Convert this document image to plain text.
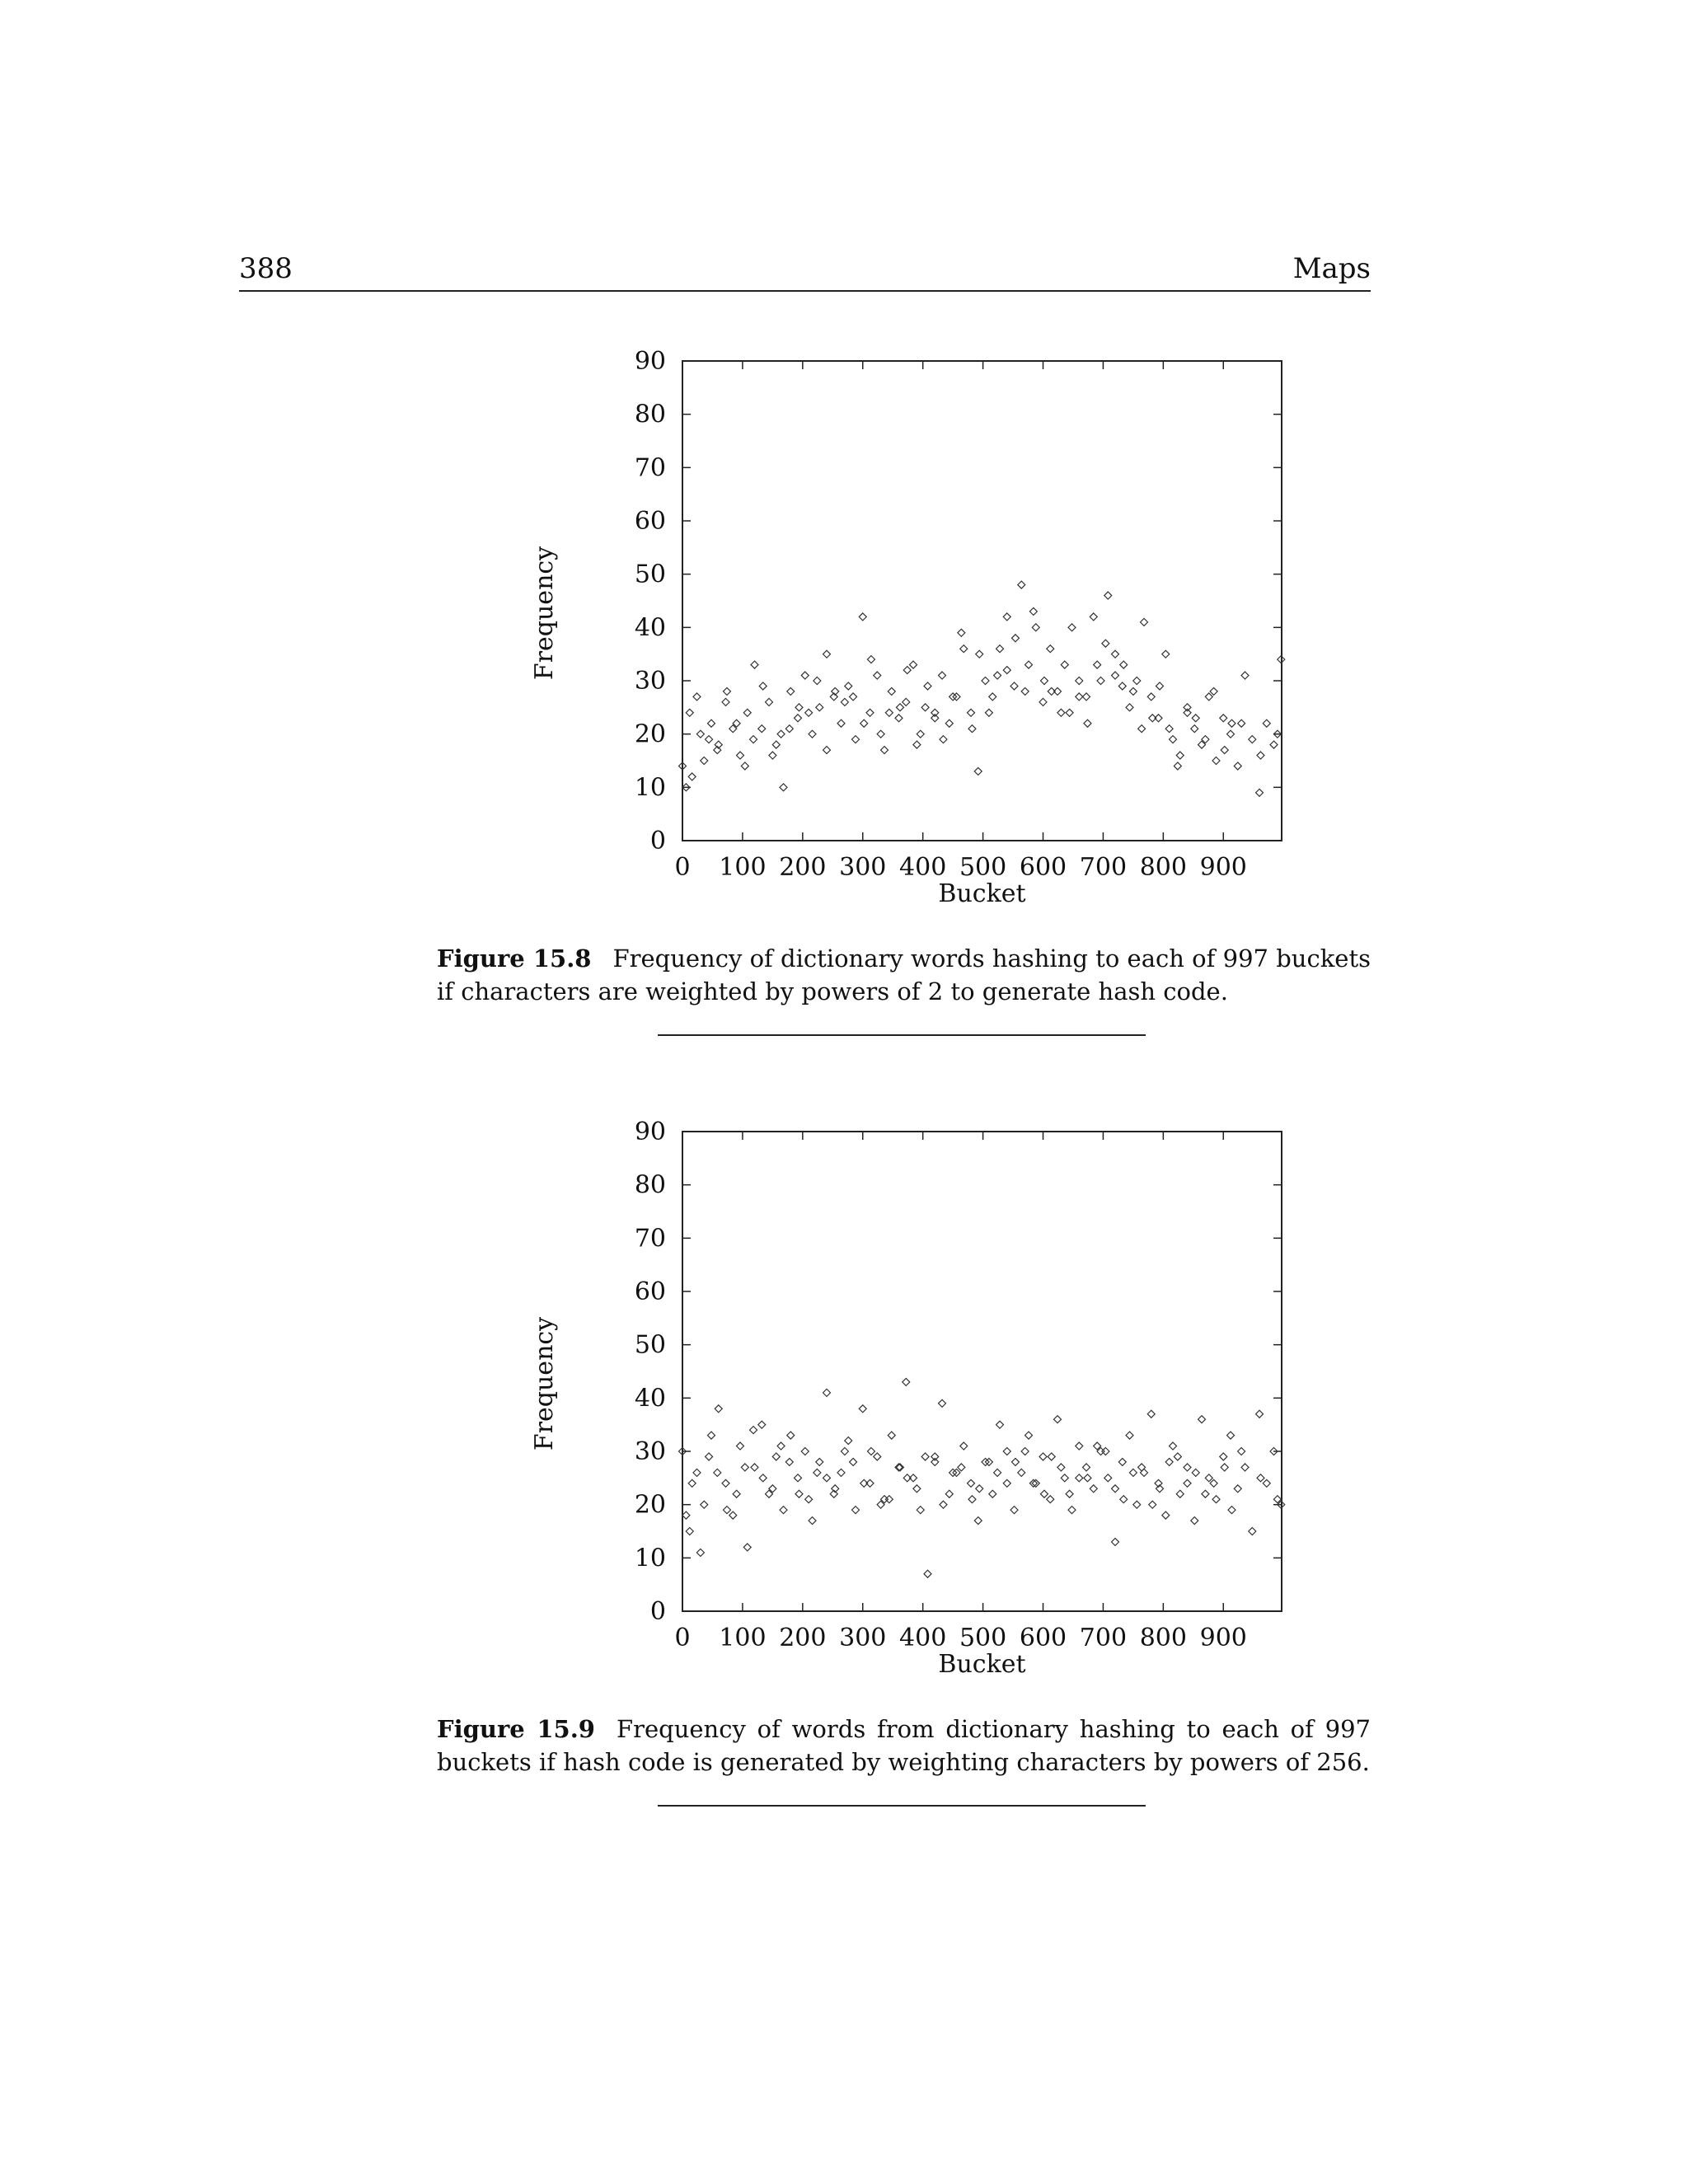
388	Maps
0
10
20
30
40
50
60
70
80
90
0 100 200 300 400 500 600 700 800 900
Bucket
Frequency
Figure 15.8 Frequency of dictionary words hashing to each of 997 buckets if characters are weighted by powers of 2 to generate hash code.
0
10
20
30
40
50
60
70
80
90
0 100 200 300 400 500 600 700 800 900
Bucket
Frequency
Figure 15.9 Frequency of words from dictionary hashing to each of 997 buckets if hash code is generated by weighting characters by powers of 256.
